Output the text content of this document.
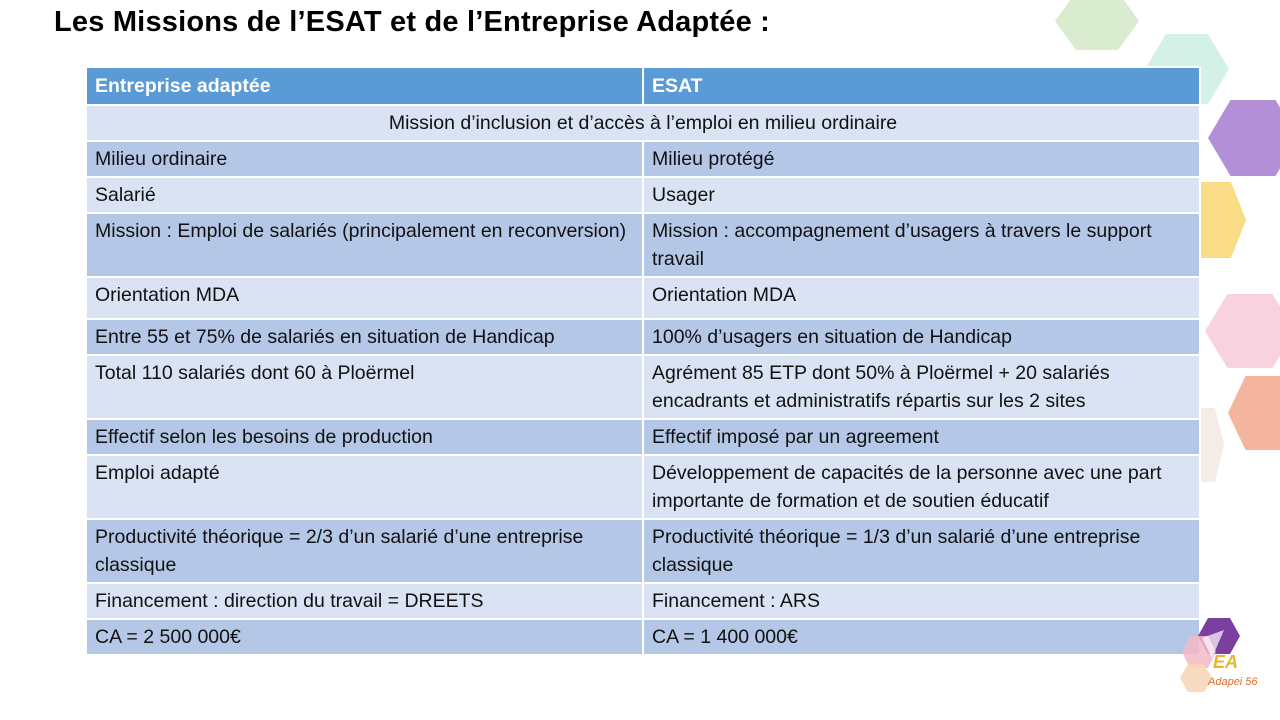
Les Missions de l’ESAT et de l’Entreprise Adaptée :
Entreprise adaptée	ESAT
Mission d’inclusion et d’accès à l’emploi en milieu ordinaire	
Milieu ordinaire	Milieu protégé
Salarié	Usager
Mission : Emploi de salariés (principalement en reconversion)	Mission : accompagnement d’usagers à travers le support travail
Orientation MDA	Orientation MDA
Entre 55 et 75% de salariés en situation de Handicap	100% d’usagers en situation de Handicap
Total 110 salariés dont 60 à Ploërmel	Agrément 85 ETP dont 50% à Ploërmel + 20 salariés encadrants et administratifs répartis sur les 2 sites
Effectif selon les besoins de production	Effectif imposé par un agreement
Emploi adapté	Développement de capacités de la personne avec une part importante de formation et de soutien éducatif
Productivité théorique = 2/3 d’un salarié d’une entreprise classique	Productivité théorique = 1/3 d’un salarié d’une entreprise classique
Financement : direction du travail = DREETS	Financement : ARS
CA = 2 500 000€	CA = 1 400 000€
EA
Adapei 56
